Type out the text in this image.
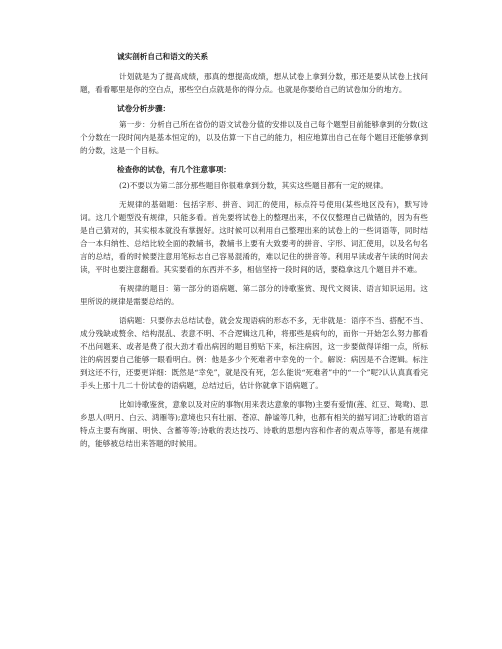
诚实剖析自己和语文的关系

计划就是为了提高成绩，那真的想提高成绩，想从试卷上拿到分数，那还是要从试卷上找问题，看看哪里是你的空白点，那些空白点就是你的得分点。也就是你要给自己的试卷加分的地方。

试卷分析步骤：

第一步：分析自己所在省份的语文试卷分值的安排以及自己每个题型目前能够拿到的分数(这个分数在一段时间内是基本恒定的)，以及估算一下自己的能力，相应地算出自己在每个题目还能够拿到的分数，这是一个目标。

检查你的试卷，有几个注意事项：

(2)不要以为第二部分那些题目你很难拿到分数，其实这些题目都有一定的规律。

无规律的基础题：包括字形、拼音、词汇的使用，标点符号使用(某些地区没有)，默写诗词。这几个题型没有规律，只能多看。首先要将试卷上的整理出来，不仅仅整理自己做错的，因为有些是自己猜对的，其实根本就没有掌握好。这时候可以利用自己整理出来的试卷上的一些词语等，同时结合一本归纳性、总结比较全面的教辅书，教辅书上要有大致要考的拼音、字形、词汇使用，以及名句名言的总结，看的时候要注意用笔标志自己容易混淆的，难以记住的拼音等。利用早读或者午读的时间去读，平时也要注意翻看。其实要看的东西并不多，相信坚持一段时间的话，要稳拿这几个题目并不难。

有规律的题目：第一部分的语病题、第二部分的诗歌鉴赏、现代文阅读、语言知识运用。这里所说的规律是需要总结的。

语病题：只要你去总结试卷，就会发现语病的形态不多，无非就是：语序不当、搭配不当、成分残缺或赘余、结构混乱、表意不明、不合逻辑这几种，将那些是病句的，而你一开始怎么努力都看不出问题来、或者是费了很大劲才看出病因的题目剪贴下来，标注病因，这一步要做得详细一点，所标注的病因要自己能够一眼看明白。例：他是多少个死难者中幸免的一个。解说：病因是不合逻辑。标注到这还不行，还要更详细：既然是“幸免”，就是没有死，怎么能说“死难者”中的“一个”呢?认认真真看完手头上那十几二十份试卷的语病题，总结过后，估计你就拿下语病题了。

比如诗歌鉴赏，意象以及对应的事物(用来表达意象的事物)主要有爱情(莲、红豆、鸳鸯)、思乡思人(明月、白云、鸿雁等);意境也只有壮丽、苍凉、静谧等几种，也都有相关的描写词汇;诗歌的语言特点主要有绚丽、明快、含蓄等等;诗歌的表达技巧、诗歌的思想内容和作者的观点等等，都是有规律的，能够被总结出来答题的时候用。
